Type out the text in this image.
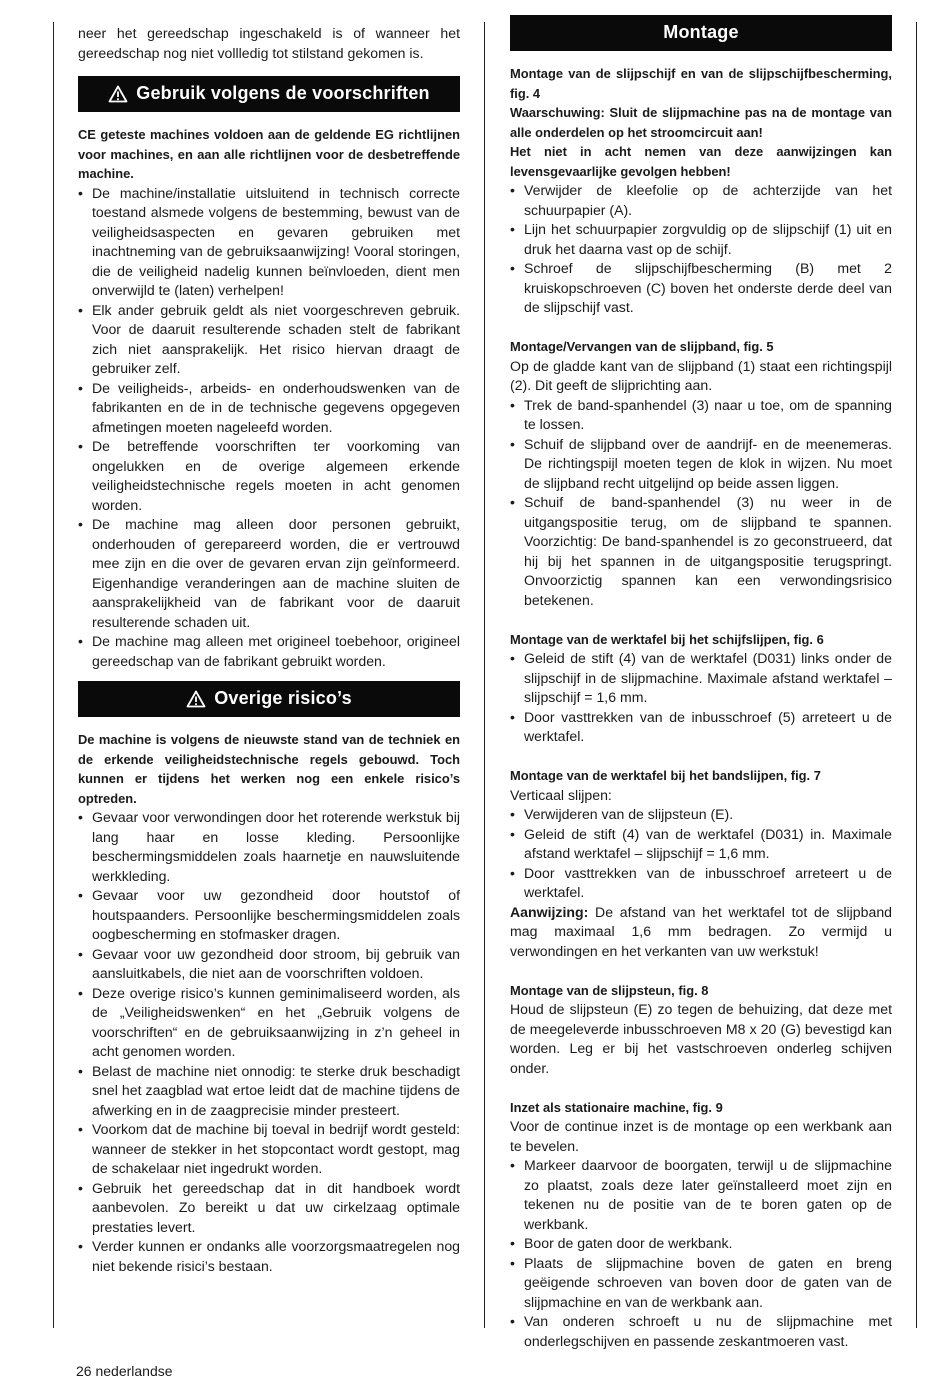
neer het gereedschap ingeschakeld is of wanneer het gereedschap nog niet vollledig tot stilstand gekomen is.

Gebruik volgens de voorschriften

CE geteste machines voldoen aan de geldende EG richtlijnen voor machines, en aan alle richtlijnen voor de desbetreffende machine.

• De machine/installatie uitsluitend in technisch correcte toestand alsmede volgens de bestemming, bewust van de veiligheidsaspecten en gevaren gebruiken met inachtneming van de gebruiksaanwijzing! Vooral storingen, die de veiligheid nadelig kunnen beïnvloeden, dient men onverwijld te (laten) verhelpen!
• Elk ander gebruik geldt als niet voorgeschreven gebruik. Voor de daaruit resulterende schaden stelt de fabrikant zich niet aansprakelijk. Het risico hiervan draagt de gebruiker zelf.
• De veiligheids-, arbeids- en onderhoudswenken van de fabrikanten en de in de technische gegevens opgegeven afmetingen moeten nageleefd worden.
• De betreffende voorschriften ter voorkoming van ongelukken en de overige algemeen erkende veiligheidstechnische regels moeten in acht genomen worden.
• De machine mag alleen door personen gebruikt, onderhouden of gerepareerd worden, die er vertrouwd mee zijn en die over de gevaren ervan zijn geïnformeerd. Eigenhandige veranderingen aan de machine sluiten de aansprakelijkheid van de fabrikant voor de daaruit resulterende schaden uit.
• De machine mag alleen met origineel toebehoor, origineel gereedschap van de fabrikant gebruikt worden.
Overige risico’s

De machine is volgens de nieuwste stand van de techniek en de erkende veiligheidstechnische regels gebouwd. Toch kunnen er tijdens het werken nog een enkele risico’s optreden.

• Gevaar voor verwondingen door het roterende werkstuk bij lang haar en losse kleding. Persoonlijke beschermingsmiddelen zoals haarnetje en nauwsluitende werkkleding.
• Gevaar voor uw gezondheid door houtstof of houtspaanders. Persoonlijke beschermingsmiddelen zoals oogbescherming en stofmasker dragen.
• Gevaar voor uw gezondheid door stroom, bij gebruik van aansluitkabels, die niet aan de voorschriften voldoen.
• Deze overige risico’s kunnen geminimaliseerd worden, als de „Veiligheidswenken“ en het „Gebruik volgens de voorschriften“ en de gebruiksaanwijzing in z’n geheel in acht genomen worden.
• Belast de machine niet onnodig: te sterke druk beschadigt snel het zaagblad wat ertoe leidt dat de machine tijdens de afwerking en in de zaagprecisie minder presteert.
• Voorkom dat de machine bij toeval in bedrijf wordt gesteld: wanneer de stekker in het stopcontact wordt gestopt, mag de schakelaar niet ingedrukt worden.
• Gebruik het gereedschap dat in dit handboek wordt aanbevolen. Zo bereikt u dat uw cirkelzaag optimale prestaties levert.
• Verder kunnen er ondanks alle voorzorgsmaatregelen nog niet bekende risici’s bestaan.
Montage

Montage van de slijpschijf en van de slijpschijfbescherming, fig. 4

Waarschuwing: Sluit de slijpmachine pas na de montage van alle onderdelen op het stroomcircuit aan!

Het niet in acht nemen van deze aanwijzingen kan levensgevaarlijke gevolgen hebben!

• Verwijder de kleefolie op de achterzijde van het schuurpapier (A).
• Lijn het schuurpapier zorgvuldig op de slijpschijf (1) uit en druk het daarna vast op de schijf.
• Schroef de slijpschijfbescherming (B) met 2 kruiskopschroeven (C) boven het onderste derde deel van de slijpschijf vast.

Montage/Vervangen van de slijpband, fig. 5

Op de gladde kant van de slijpband (1) staat een richtingspijl (2). Dit geeft de slijprichting aan.

• Trek de band-spanhendel (3) naar u toe, om de spanning te lossen.
• Schuif de slijpband over de aandrijf- en de meenemeras. De richtingspijl moeten tegen de klok in wijzen. Nu moet de slijpband recht uitgelijnd op beide assen liggen.
• Schuif de band-spanhendel (3) nu weer in de uitgangspositie terug, om de slijpband te spannen. Voorzichtig: De band-spanhendel is zo geconstrueerd, dat hij bij het spannen in de uitgangspositie terugspringt. Onvoorzictig spannen kan een verwondingsrisico betekenen.

Montage van de werktafel bij het schijfslijpen, fig. 6

• Geleid de stift (4) van de werktafel (D031) links onder de slijpschijf in de slijpmachine. Maximale afstand werktafel – slijpschijf = 1,6 mm.
• Door vasttrekken van de inbusschroef (5) arreteert u de werktafel.

Montage van de werktafel bij het bandslijpen, fig. 7

Verticaal slijpen:

• Verwijderen van de slijpsteun (E).
• Geleid de stift (4) van de werktafel (D031) in. Maximale afstand werktafel – slijpschijf = 1,6 mm.
• Door vasttrekken van de inbusschroef arreteert u de werktafel.

Aanwijzing: De afstand van het werktafel tot de slijpband mag maximaal 1,6 mm bedragen. Zo vermijd u verwondingen en het verkanten van uw werkstuk!

Montage van de slijpsteun, fig. 8

Houd de slijpsteun (E) zo tegen de behuizing, dat deze met de meegeleverde inbusschroeven M8 x 20 (G) bevestigd kan worden. Leg er bij het vastschroeven onderleg schijven onder.

Inzet als stationaire machine, fig. 9

Voor de continue inzet is de montage op een werkbank aan te bevelen.

• Markeer daarvoor de boorgaten, terwijl u de slijpmachine zo plaatst, zoals deze later geïnstalleerd moet zijn en tekenen nu de positie van de te boren gaten op de werkbank.
• Boor de gaten door de werkbank.
• Plaats de slijpmachine boven de gaten en breng geëigende schroeven van boven door de gaten van de slijpmachine en van de werkbank aan.
• Van onderen schroeft u nu de slijpmachine met onderlegschijven en passende zeskantmoeren vast.
26 nederlandse
